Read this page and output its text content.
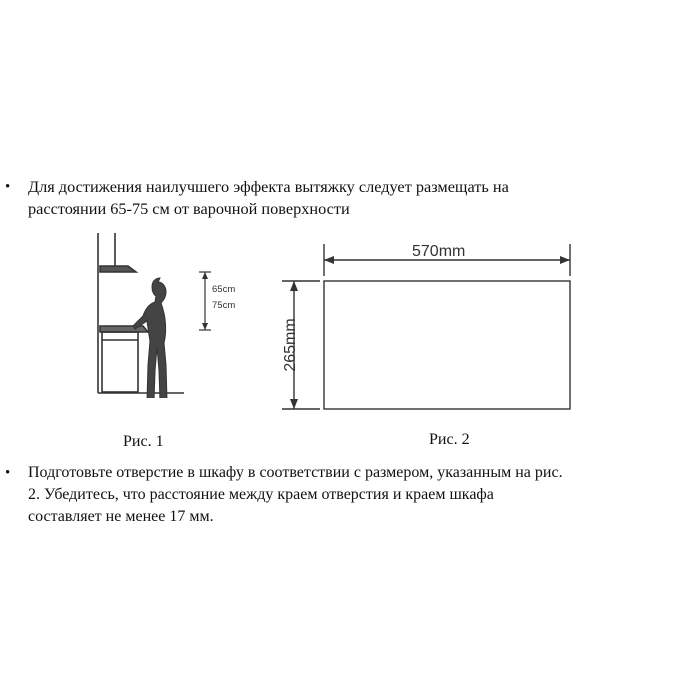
• Для достижения наилучшего эффекта вытяжку следует размещать на
расстоянии 65-75 см от варочной поверхности
65cm
75cm
Рис. 1
570mm
265mm
Рис. 2
• Подготовьте отверстие в шкафу в соответствии с размером, указанным на рис.
2. Убедитесь, что расстояние между краем отверстия и краем шкафа
составляет не менее 17 мм.
